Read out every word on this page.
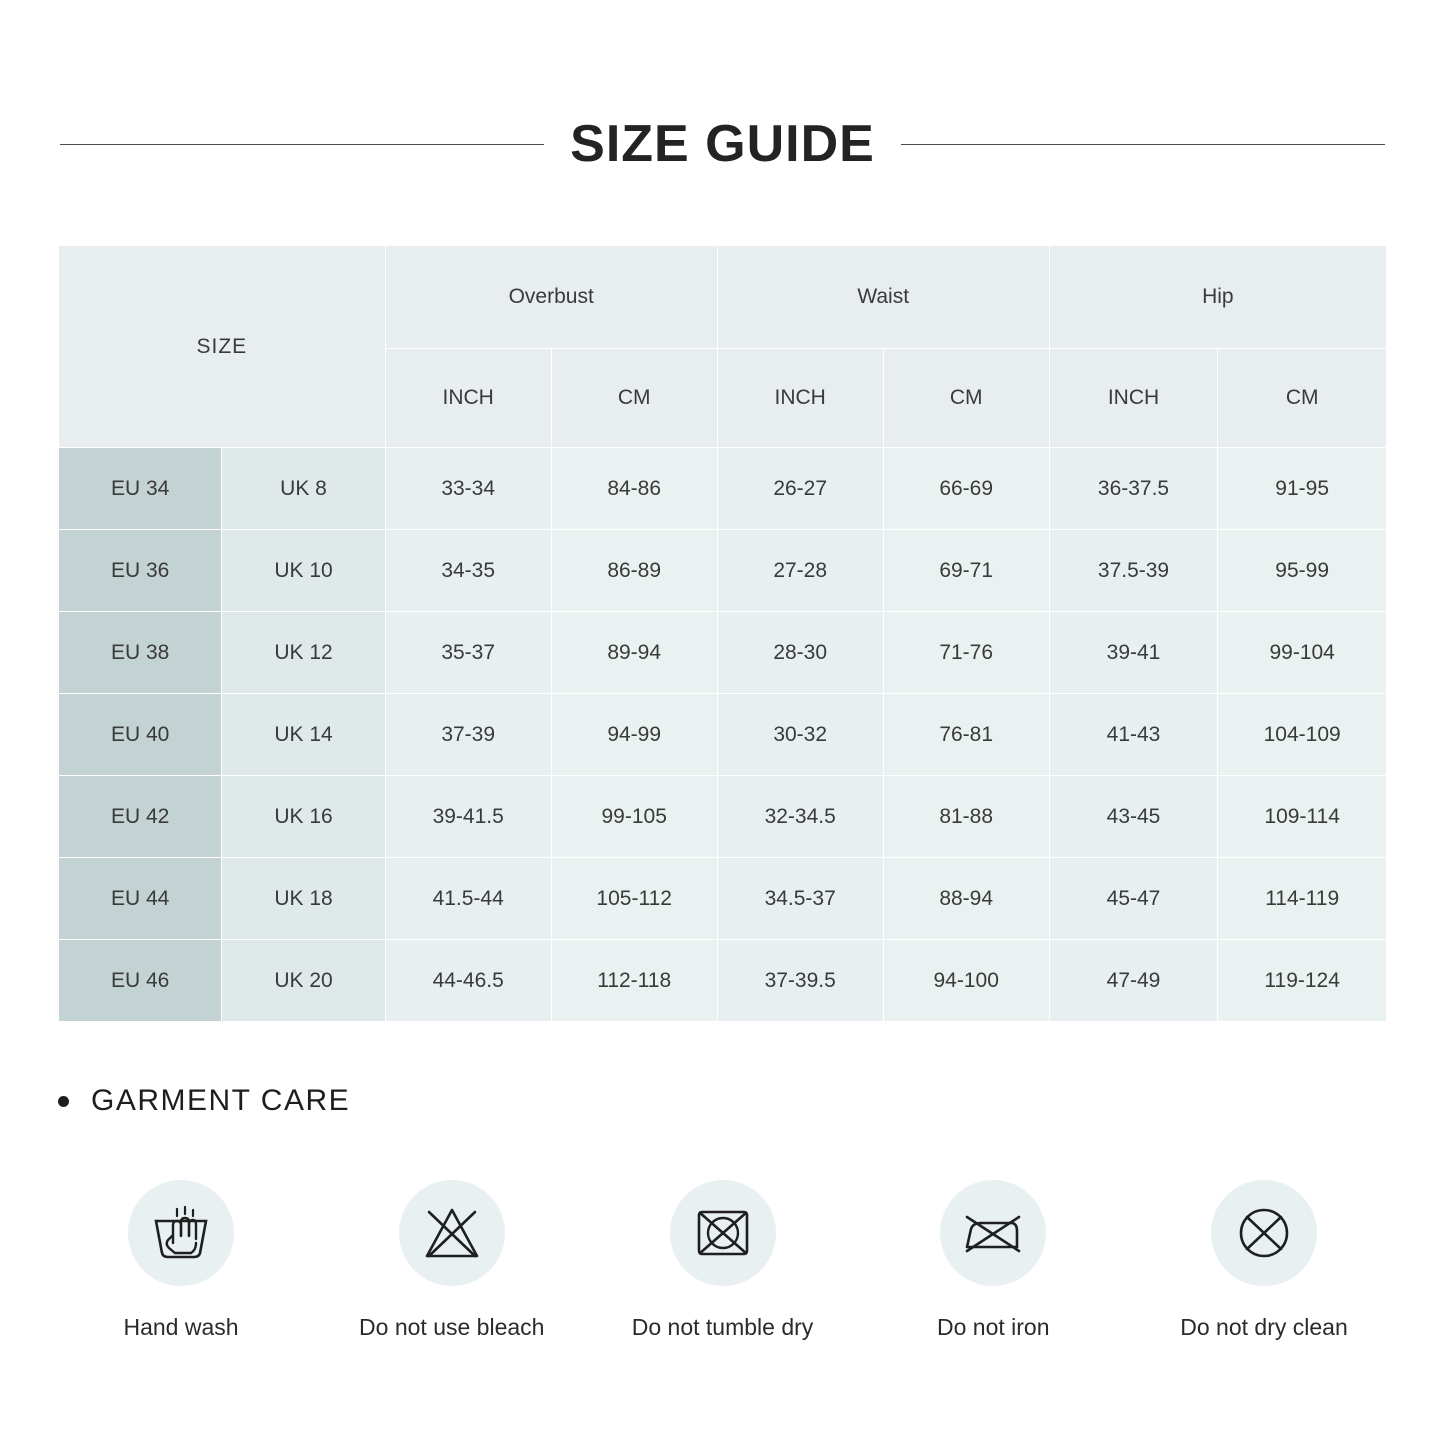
SIZE GUIDE
SIZE		Overbust		Waist		Hip	
		INCH	CM	INCH	CM	INCH	CM
EU 34	UK 8	33-34	84-86	26-27	66-69	36-37.5	91-95
EU 36	UK 10	34-35	86-89	27-28	69-71	37.5-39	95-99
EU 38	UK 12	35-37	89-94	28-30	71-76	39-41	99-104
EU 40	UK 14	37-39	94-99	30-32	76-81	41-43	104-109
EU 42	UK 16	39-41.5	99-105	32-34.5	81-88	43-45	109-114
EU 44	UK 18	41.5-44	105-112	34.5-37	88-94	45-47	114-119
EU 46	UK 20	44-46.5	112-118	37-39.5	94-100	47-49	119-124
GARMENT CARE
Hand wash	Do not use bleach	Do not tumble dry	Do not iron	Do not dry clean
